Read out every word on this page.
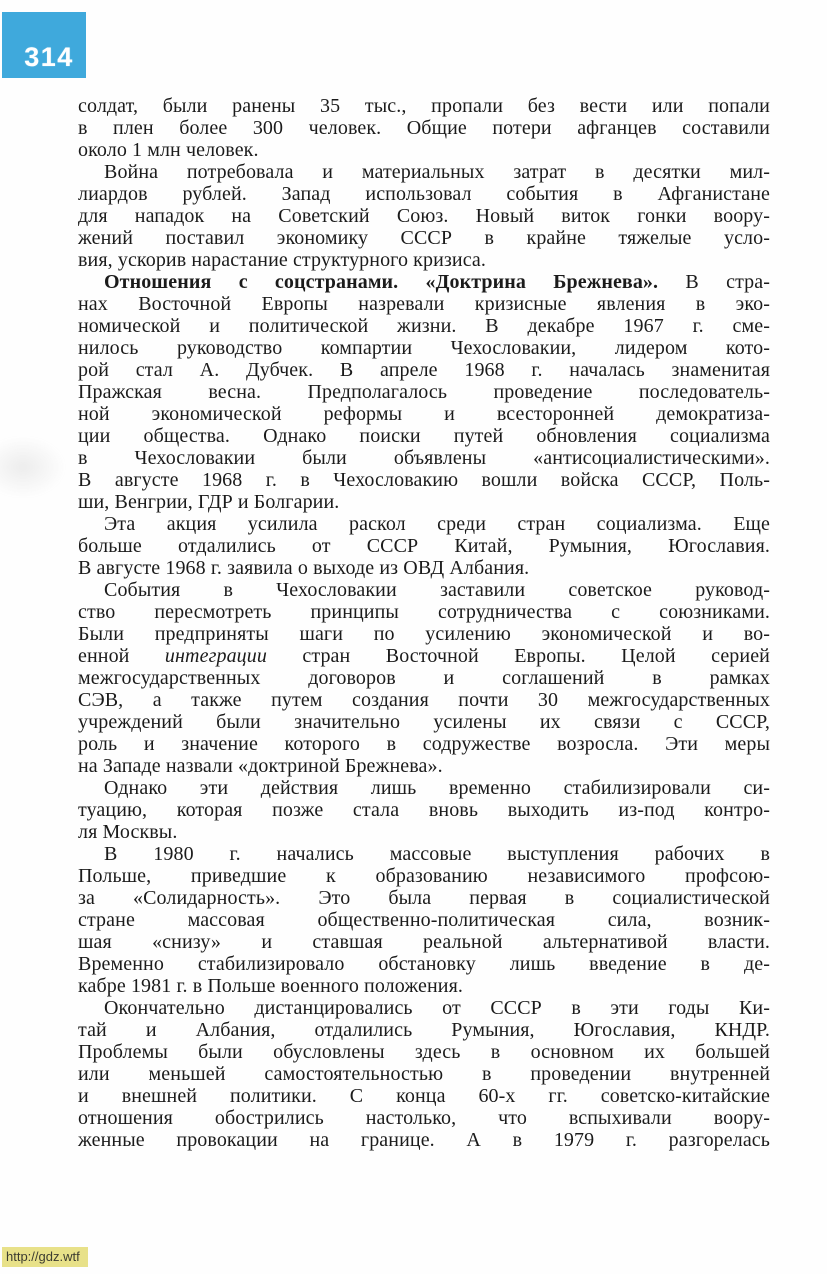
314
солдат, были ранены 35 тыс., пропали без вести или попали
в плен более 300 человек. Общие потери афганцев составили
около 1 млн человек.
Война потребовала и материальных затрат в десятки мил-
лиардов рублей. Запад использовал события в Афганистане
для нападок на Советский Союз. Новый виток гонки воору-
жений поставил экономику СССР в крайне тяжелые усло-
вия, ускорив нарастание структурного кризиса.
Отношения с соцстранами. «Доктрина Брежнева». В стра-
нах Восточной Европы назревали кризисные явления в эко-
номической и политической жизни. В декабре 1967 г. сме-
нилось руководство компартии Чехословакии, лидером кото-
рой стал А. Дубчек. В апреле 1968 г. началась знаменитая
Пражская весна. Предполагалось проведение последователь-
ной экономической реформы и всесторонней демократиза-
ции общества. Однако поиски путей обновления социализма
в Чехословакии были объявлены «антисоциалистическими».
В августе 1968 г. в Чехословакию вошли войска СССР, Поль-
ши, Венгрии, ГДР и Болгарии.
Эта акция усилила раскол среди стран социализма. Еще
больше отдалились от СССР Китай, Румыния, Югославия.
В августе 1968 г. заявила о выходе из ОВД Албания.
События в Чехословакии заставили советское руковод-
ство пересмотреть принципы сотрудничества с союзниками.
Были предприняты шаги по усилению экономической и во-
енной интеграции стран Восточной Европы. Целой серией
межгосударственных договоров и соглашений в рамках
СЭВ, а также путем создания почти 30 межгосударственных
учреждений были значительно усилены их связи с СССР,
роль и значение которого в содружестве возросла. Эти меры
на Западе назвали «доктриной Брежнева».
Однако эти действия лишь временно стабилизировали си-
туацию, которая позже стала вновь выходить из-под контро-
ля Москвы.
В 1980 г. начались массовые выступления рабочих в
Польше, приведшие к образованию независимого профсою-
за «Солидарность». Это была первая в социалистической
стране массовая общественно-политическая сила, возник-
шая «снизу» и ставшая реальной альтернативой власти.
Временно стабилизировало обстановку лишь введение в де-
кабре 1981 г. в Польше военного положения.
Окончательно дистанцировались от СССР в эти годы Ки-
тай и Албания, отдалились Румыния, Югославия, КНДР.
Проблемы были обусловлены здесь в основном их большей
или меньшей самостоятельностью в проведении внутренней
и внешней политики. С конца 60-х гг. советско-китайские
отношения обострились настолько, что вспыхивали воору-
женные провокации на границе. А в 1979 г. разгорелась
http://gdz.wtf
